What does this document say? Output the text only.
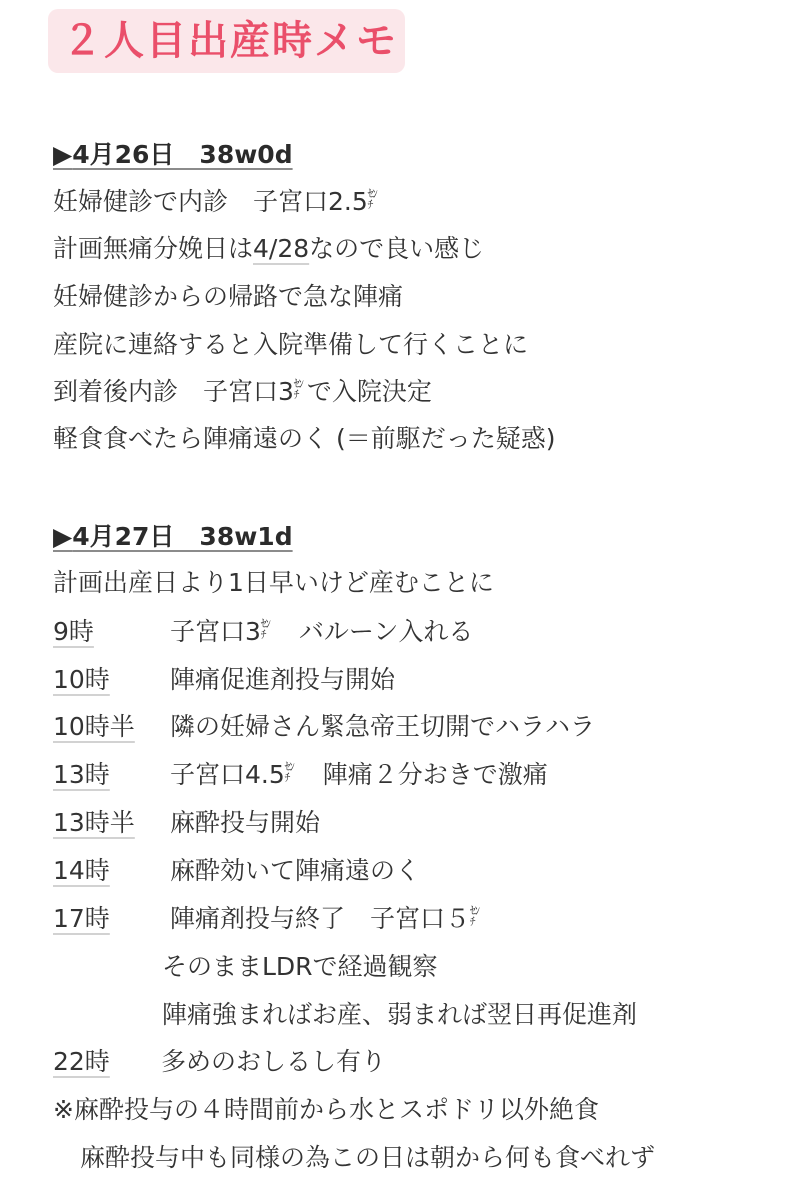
２人目出産時メモ
▶4月26日　38w0d
妊婦健診で内診　子宮口2.5 ｾﾝ
ﾁ
計画無痛分娩日は4/28なので良い感じ
妊婦健診からの帰路で急な陣痛
産院に連絡すると入院準備して行くことに
到着後内診　子宮口3 ｾﾝ
ﾁ で入院決定
軽食食べたら陣痛遠のく (＝前駆だった疑惑)
▶4月27日　38w1d
計画出産日より1日早いけど産むことに
9時	子宮口3 ｾﾝ
ﾁ 　バルーン入れる
10時 陣痛促進剤投与開始
10時半 隣の妊婦さん緊急帝王切開でハラハラ
13時 子宮口4.5 ｾﾝ
ﾁ 　陣痛２分おきで激痛
13時半 麻酔投与開始
14時 麻酔効いて陣痛遠のく
17時 陣痛剤投与終了　子宮口５ ｾﾝ
ﾁ
そのままLDRで経過観察
陣痛強まればお産、弱まれば翌日再促進剤
22時 多めのおしるし有り
※麻酔投与の４時間前から水とスポドリ以外絶食
麻酔投与中も同様の為この日は朝から何も食べれず
